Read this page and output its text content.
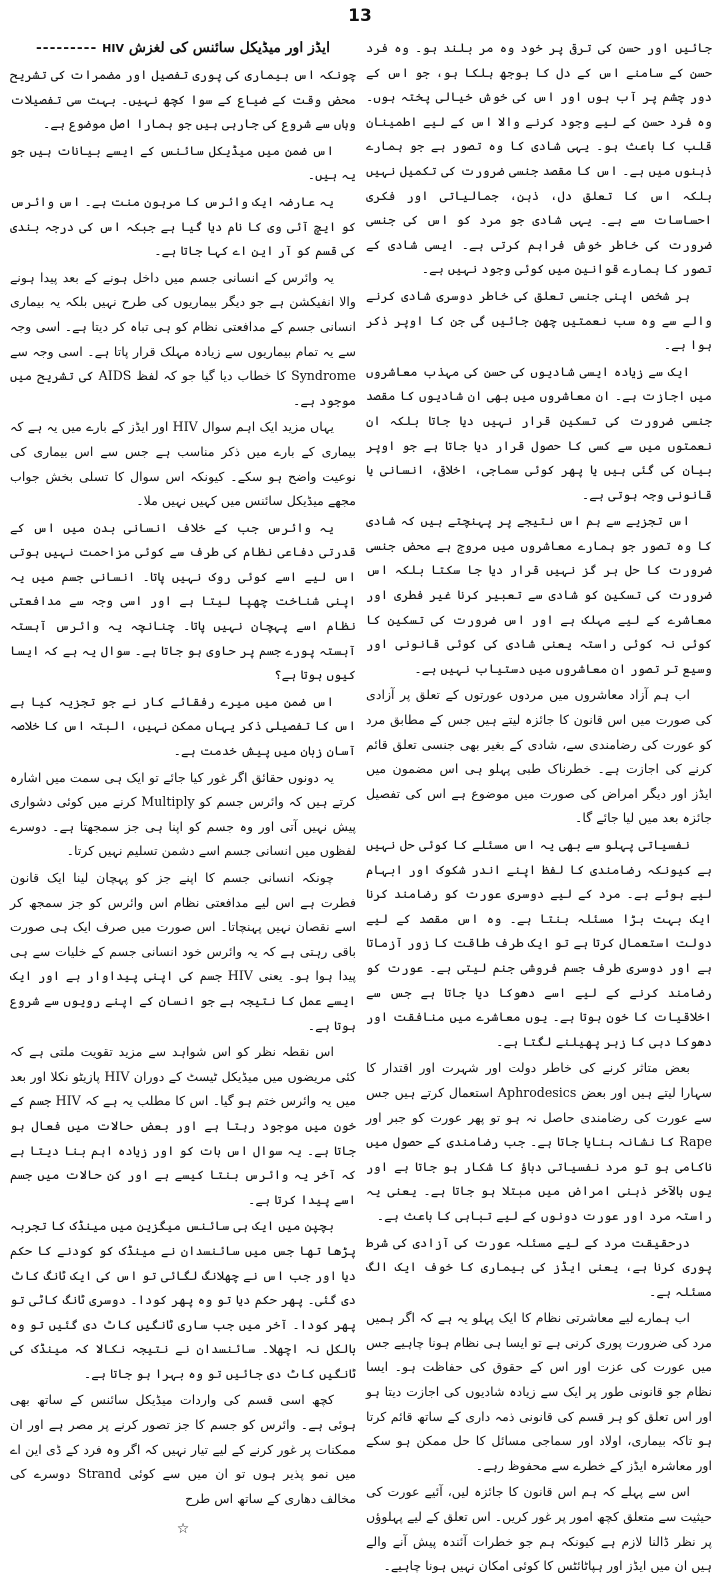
13

جائیں اور حسن کی ترقی پر خود وہ مر بلند ہو۔ وہ فرد حسن کے سامنے اس کے دل کا بوجھ ہلکا ہو، جو اس کے دور چشم پر آب ہوں اور اس کی خوش خیالی پختہ ہوں۔ وہ فرد حسن کے لیے وجود کرنے والا اس کے لیے اطمینان قلب کا باعث ہو۔ یہی شادی کا وہ تصور ہے جو ہمارے ذہنوں میں ہے۔ اس کا مقصد جنسی ضرورت کی تکمیل نہیں بلکہ اس کا تعلق دل، ذہن، جمالیاتی اور فکری احساسات سے ہے۔ یہی شادی جو مرد کو اس کی جنسی ضرورت کی خاطر خوش فراہم کرتی ہے۔ ایسی شادی کے تصور کا ہمارے قوانین میں کوئی وجود نہیں ہے۔

ہر شخص اپنی جنسی تعلق کی خاطر دوسری شادی کرنے والے سے وہ سب نعمتیں چھن جائیں گی جن کا اوپر ذکر ہوا ہے۔

ایک سے زیادہ ایسی شادیوں کی حسن کی مہذب معاشروں میں اجازت ہے۔ ان معاشروں میں بھی ان شادیوں کا مقصد جنسی ضرورت کی تسکین قرار نہیں دیا جاتا بلکہ ان نعمتوں میں سے کسی کا حصول قرار دیا جاتا ہے جو اوپر بیان کی گئی ہیں یا پھر کوئی سماجی، اخلاقی، انسانی یا قانونی وجہ ہوتی ہے۔

اس تجزیے سے ہم اس نتیجے پر پہنچتے ہیں کہ شادی کا وہ تصور جو ہمارے معاشروں میں مروج ہے محض جنسی ضرورت کا حل ہر گز نہیں قرار دیا جا سکتا بلکہ اس ضرورت کی تسکین کو شادی سے تعبیر کرنا غیر فطری اور معاشرے کے لیے مہلک ہے اور اس ضرورت کی تسکین کا کوئی نہ کوئی راستہ یعنی شادی کی کوئی قانونی اور وسیع تر تصور ان معاشروں میں دستیاب نہیں ہے۔

اب ہم آزاد معاشروں میں مردوں عورتوں کے تعلق پر آزادی کی صورت میں اس قانون کا جائزہ لیتے ہیں جس کے مطابق مرد کو عورت کی رضامندی سے، شادی کے بغیر بھی جنسی تعلق قائم کرنے کی اجازت ہے۔ خطرناک طبی پہلو ہی اس مضمون میں ایڈز اور دیگر امراض کی صورت میں موضوع ہے اس کی تفصیل جائزہ بعد میں لیا جائے گا۔

نفسیاتی پہلو سے بھی یہ اس مسئلے کا کوئی حل نہیں ہے کیونکہ رضامندی کا لفظ اپنے اندر شکوک اور ابہام لیے ہوئے ہے۔ مرد کے لیے دوسری عورت کو رضامند کرنا ایک بہت بڑا مسئلہ بنتا ہے۔ وہ اس مقصد کے لیے دولت استعمال کرتا ہے تو ایک طرف طاقت کا زور آزماتا ہے اور دوسری طرف جسم فروشی جنم لیتی ہے۔ عورت کو رضامند کرنے کے لیے اسے دھوکا دیا جاتا ہے جس سے اخلاقیات کا خون ہوتا ہے۔ یوں معاشرے میں منافقت اور دھوکا دہی کا زہر پھیلنے لگتا ہے۔

بعض متاثر کرنے کی خاطر دولت اور شہرت اور اقتدار کا سہارا لیتے ہیں اور بعض Aphrodesics استعمال کرتے ہیں جس سے عورت کی رضامندی حاصل نہ ہو تو پھر عورت کو جبر اور Rape کا نشانہ بنایا جاتا ہے۔ جب رضامندی کے حصول میں ناکامی ہو تو مرد نفسیاتی دباؤ کا شکار ہو جاتا ہے اور یوں بالآخر ذہنی امراض میں مبتلا ہو جاتا ہے۔ یعنی یہ راستہ مرد اور عورت دونوں کے لیے تباہی کا باعث ہے۔

درحقیقت مرد کے لیے مسئلہ عورت کی آزادی کی شرط پوری کرنا ہے، یعنی ایڈز کی بیماری کا خوف ایک الگ مسئلہ ہے۔

اب ہمارے لیے معاشرتی نظام کا ایک پہلو یہ ہے کہ اگر ہمیں مرد کی ضرورت پوری کرنی ہے تو ایسا ہی نظام ہونا چاہیے جس میں عورت کی عزت اور اس کے حقوق کی حفاظت ہو۔ ایسا نظام جو قانونی طور پر ایک سے زیادہ شادیوں کی اجازت دیتا ہو اور اس تعلق کو ہر قسم کی قانونی ذمہ داری کے ساتھ قائم کرتا ہو تاکہ بیماری، اولاد اور سماجی مسائل کا حل ممکن ہو سکے اور معاشرہ ایڈز کے خطرے سے محفوظ رہے۔

اس سے پہلے کہ ہم اس قانون کا جائزہ لیں، آئیے عورت کی حیثیت سے متعلق کچھ امور پر غور کریں۔ اس تعلق کے لیے پہلوؤں پر نظر ڈالنا لازم ہے کیونکہ ہم جو خطرات آئندہ پیش آنے والے ہیں ان میں ایڈز اور ہپاٹائٹس کا کوئی امکان نہیں ہونا چاہیے۔

ایڈز اور میڈیکل سائنس کی لغزش HIV ---------

چونکہ اس بیماری کی پوری تفصیل اور مضمرات کی تشریح محض وقت کے ضیاع کے سوا کچھ نہیں۔ بہت سی تفصیلات وہاں سے شروع کی جارہی ہیں جو ہمارا اصل موضوع ہے۔

اس ضمن میں میڈیکل سائنس کے ایسے بیانات ہیں جو یہ ہیں۔

یہ عارضہ ایک وائرس کا مرہون منت ہے۔ اس وائرس کو ایچ آئی وی کا نام دیا گیا ہے جبکہ اس کی درجہ بندی کی قسم کو آر این اے کہا جاتا ہے۔

یہ وائرس کے انسانی جسم میں داخل ہونے کے بعد پیدا ہونے والا انفیکشن ہے جو دیگر بیماریوں کی طرح نہیں بلکہ یہ بیماری انسانی جسم کے مدافعتی نظام کو ہی تباہ کر دیتا ہے۔ اسی وجہ سے یہ تمام بیماریوں سے زیادہ مہلک قرار پاتا ہے۔ اسی وجہ سے Syndrome کا خطاب دیا گیا جو کہ لفظ AIDS کی تشریح میں موجود ہے۔

یہاں مزید ایک اہم سوال HIV اور ایڈز کے بارے میں یہ ہے کہ بیماری کے بارے میں ذکر مناسب ہے جس سے اس بیماری کی نوعیت واضح ہو سکے۔ کیونکہ اس سوال کا تسلی بخش جواب مجھے میڈیکل سائنس میں کہیں نہیں ملا۔

یہ وائرس جب کے خلاف انسانی بدن میں اس کے قدرتی دفاعی نظام کی طرف سے کوئی مزاحمت نہیں ہوتی اس لیے اسے کوئی روک نہیں پاتا۔ انسانی جسم میں یہ اپنی شناخت چھپا لیتا ہے اور اسی وجہ سے مدافعتی نظام اسے پہچان نہیں پاتا۔ چنانچہ یہ وائرس آہستہ آہستہ پورے جسم پر حاوی ہو جاتا ہے۔ سوال یہ ہے کہ ایسا کیوں ہوتا ہے؟

اس ضمن میں میرے رفقائے کار نے جو تجزیہ کیا ہے اس کا تفصیلی ذکر یہاں ممکن نہیں، البتہ اس کا خلاصہ آسان زبان میں پیش خدمت ہے۔

یہ دونوں حقائق اگر غور کیا جائے تو ایک ہی سمت میں اشارہ کرتے ہیں کہ وائرس جسم کو Multiply کرنے میں کوئی دشواری پیش نہیں آتی اور وہ جسم کو اپنا ہی جز سمجھتا ہے۔ دوسرے لفظوں میں انسانی جسم اسے دشمن تسلیم نہیں کرتا۔

چونکہ انسانی جسم کا اپنے جز کو پہچان لینا ایک قانون فطرت ہے اس لیے مدافعتی نظام اس وائرس کو جز سمجھ کر اسے نقصان نہیں پہنچاتا۔ اس صورت میں صرف ایک ہی صورت باقی رہتی ہے کہ یہ وائرس خود انسانی جسم کے خلیات سے ہی پیدا ہوا ہو۔ یعنی HIV جسم کی اپنی پیداوار ہے اور ایک ایسے عمل کا نتیجہ ہے جو انسان کے اپنے رویوں سے شروع ہوتا ہے۔

اس نقطہ نظر کو اس شواہد سے مزید تقویت ملتی ہے کہ کئی مریضوں میں میڈیکل ٹیسٹ کے دوران HIV پازیٹو نکلا اور بعد میں یہ وائرس ختم ہو گیا۔ اس کا مطلب یہ ہے کہ HIV جسم کے خون میں موجود رہتا ہے اور بعض حالات میں فعال ہو جاتا ہے۔ یہ سوال اس بات کو اور زیادہ اہم بنا دیتا ہے کہ آخر یہ وائرس بنتا کیسے ہے اور کن حالات میں جسم اسے پیدا کرتا ہے۔

بچپن میں ایک ہی سائنس میگزین میں مینڈک کا تجربہ پڑھا تھا جس میں سائنسدان نے مینڈک کو کودنے کا حکم دیا اور جب اس نے چھلانگ لگائی تو اس کی ایک ٹانگ کاٹ دی گئی۔ پھر حکم دیا تو وہ پھر کودا۔ دوسری ٹانگ کاٹی تو پھر کودا۔ آخر میں جب ساری ٹانگیں کاٹ دی گئیں تو وہ بالکل نہ اچھلا۔ سائنسدان نے نتیجہ نکالا کہ مینڈک کی ٹانگیں کاٹ دی جائیں تو وہ بہرا ہو جاتا ہے۔

کچھ اسی قسم کی واردات میڈیکل سائنس کے ساتھ بھی ہوئی ہے۔ وائرس کو جسم کا جز تصور کرنے پر مصر ہے اور ان ممکنات پر غور کرنے کے لیے تیار نہیں کہ اگر وہ فرد کے ڈی این اے میں نمو پذیر ہوں تو ان میں سے کوئی Strand دوسرے کی مخالف دھاری کے ساتھ اس طرح

☆
